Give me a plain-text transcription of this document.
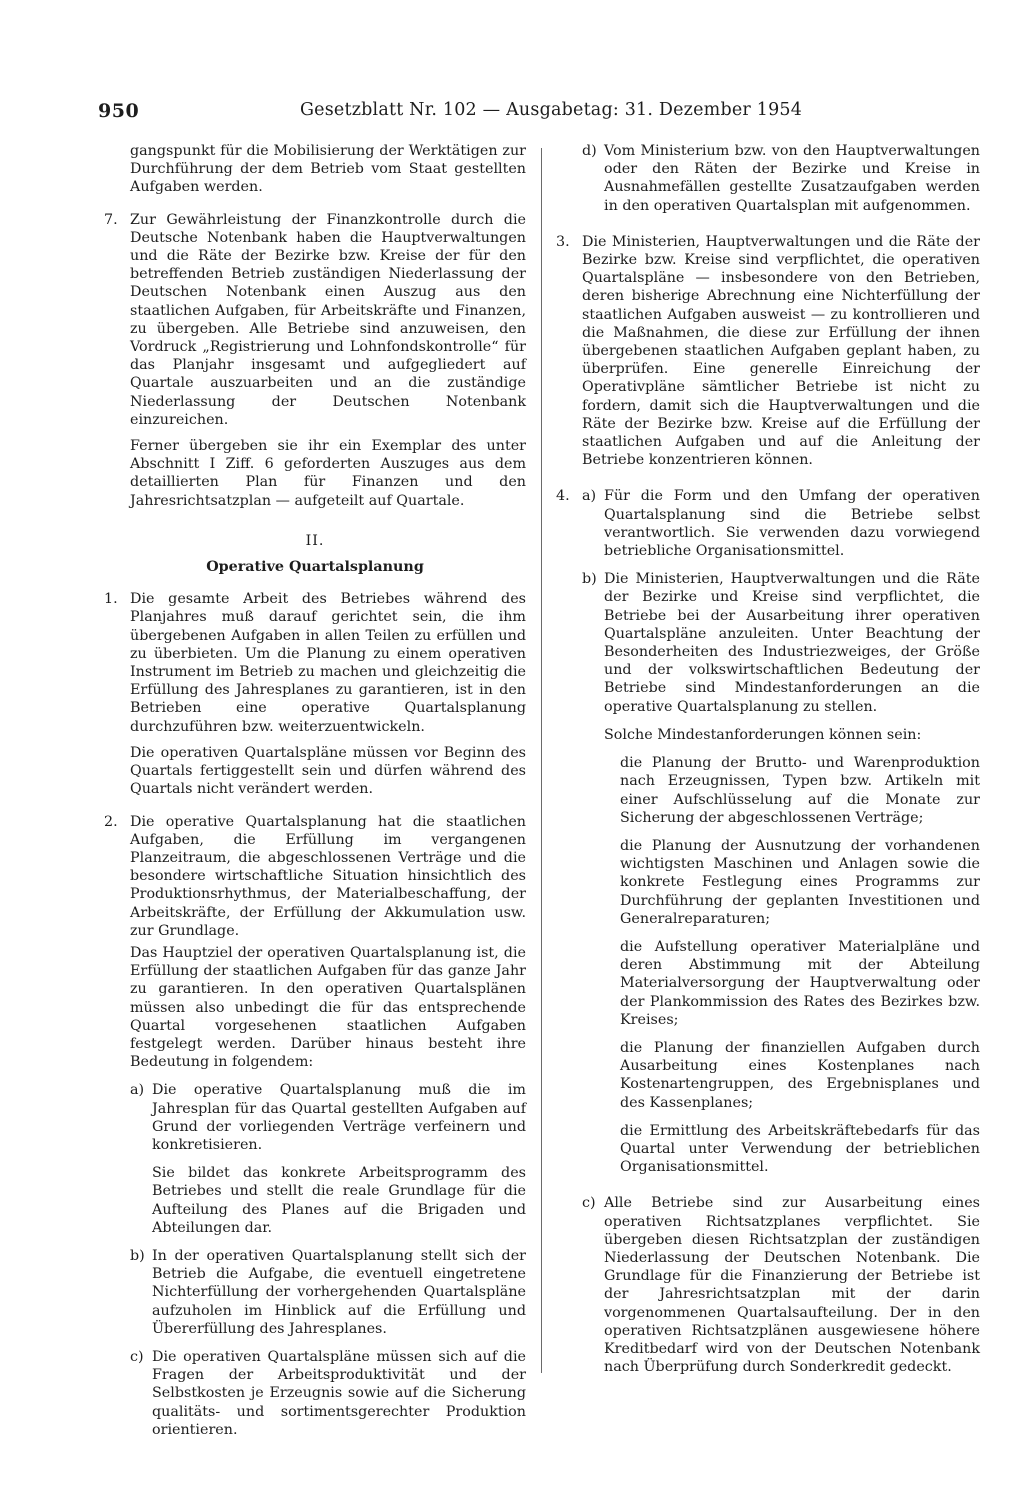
950	Gesetzblatt Nr. 102 — Ausgabetag: 31. Dezember 1954

gangspunkt für die Mobilisierung der Werktätigen zur Durchführung der dem Betrieb vom Staat gestellten Aufgaben werden.

7. Zur Gewährleistung der Finanzkontrolle durch die Deutsche Notenbank haben die Hauptverwaltungen und die Räte der Bezirke bzw. Kreise der für den betreffenden Betrieb zuständigen Niederlassung der Deutschen Notenbank einen Auszug aus den staatlichen Aufgaben, für Arbeitskräfte und Finanzen, zu übergeben. Alle Betriebe sind anzuweisen, den Vordruck „Registrierung und Lohnfondskontrolle“ für das Planjahr insgesamt und aufgegliedert auf Quartale auszuarbeiten und an die zuständige Niederlassung der Deutschen Notenbank einzureichen.

Ferner übergeben sie ihr ein Exemplar des unter Abschnitt I Ziff. 6 geforderten Auszuges aus dem detaillierten Plan für Finanzen und den Jahresrichtsatzplan — aufgeteilt auf Quartale.

II.
Operative Quartalsplanung
1. Die gesamte Arbeit des Betriebes während des Planjahres muß darauf gerichtet sein, die ihm übergebenen Aufgaben in allen Teilen zu erfüllen und zu überbieten. Um die Planung zu einem operativen Instrument im Betrieb zu machen und gleichzeitig die Erfüllung des Jahresplanes zu garantieren, ist in den Betrieben eine operative Quartalsplanung durchzuführen bzw. weiterzuentwickeln.

Die operativen Quartalspläne müssen vor Beginn des Quartals fertiggestellt sein und dürfen während des Quartals nicht verändert werden.

2. Die operative Quartalsplanung hat die staatlichen Aufgaben, die Erfüllung im vergangenen Planzeitraum, die abgeschlossenen Verträge und die besondere wirtschaftliche Situation hinsichtlich des Produktionsrhythmus, der Materialbeschaffung, der Arbeitskräfte, der Erfüllung der Akkumulation usw. zur Grundlage.

Das Hauptziel der operativen Quartalsplanung ist, die Erfüllung der staatlichen Aufgaben für das ganze Jahr zu garantieren. In den operativen Quartalsplänen müssen also unbedingt die für das entsprechende Quartal vorgesehenen staatlichen Aufgaben festgelegt werden. Darüber hinaus besteht ihre Bedeutung in folgendem:

a) Die operative Quartalsplanung muß die im Jahresplan für das Quartal gestellten Aufgaben auf Grund der vorliegenden Verträge verfeinern und konkretisieren.

Sie bildet das konkrete Arbeitsprogramm des Betriebes und stellt die reale Grundlage für die Aufteilung des Planes auf die Brigaden und Abteilungen dar.

b) In der operativen Quartalsplanung stellt sich der Betrieb die Aufgabe, die eventuell eingetretene Nichterfüllung der vorhergehenden Quartalspläne aufzuholen im Hinblick auf die Erfüllung und Übererfüllung des Jahresplanes.

c) Die operativen Quartalspläne müssen sich auf die Fragen der Arbeitsproduktivität und der Selbstkosten je Erzeugnis sowie auf die Sicherung qualitäts- und sortimentsgerechter Produktion orientieren.

d) Vom Ministerium bzw. von den Hauptverwaltungen oder den Räten der Bezirke und Kreise in Ausnahmefällen gestellte Zusatzaufgaben werden in den operativen Quartalsplan mit aufgenommen.

3. Die Ministerien, Hauptverwaltungen und die Räte der Bezirke bzw. Kreise sind verpflichtet, die operativen Quartalspläne — insbesondere von den Betrieben, deren bisherige Abrechnung eine Nichterfüllung der staatlichen Aufgaben ausweist — zu kontrollieren und die Maßnahmen, die diese zur Erfüllung der ihnen übergebenen staatlichen Aufgaben geplant haben, zu überprüfen. Eine generelle Einreichung der Operativpläne sämtlicher Betriebe ist nicht zu fordern, damit sich die Hauptverwaltungen und die Räte der Bezirke bzw. Kreise auf die Erfüllung der staatlichen Aufgaben und auf die Anleitung der Betriebe konzentrieren können.

4. a) Für die Form und den Umfang der operativen Quartalsplanung sind die Betriebe selbst verantwortlich. Sie verwenden dazu vorwiegend betriebliche Organisationsmittel.

b) Die Ministerien, Hauptverwaltungen und die Räte der Bezirke und Kreise sind verpflichtet, die Betriebe bei der Ausarbeitung ihrer operativen Quartalspläne anzuleiten. Unter Beachtung der Besonderheiten des Industriezweiges, der Größe und der volkswirtschaftlichen Bedeutung der Betriebe sind Mindestanforderungen an die operative Quartalsplanung zu stellen.

Solche Mindestanforderungen können sein:

die Planung der Brutto- und Warenproduktion nach Erzeugnissen, Typen bzw. Artikeln mit einer Aufschlüsselung auf die Monate zur Sicherung der abgeschlossenen Verträge;

die Planung der Ausnutzung der vorhandenen wichtigsten Maschinen und Anlagen sowie die konkrete Festlegung eines Programms zur Durchführung der geplanten Investitionen und Generalreparaturen;

die Aufstellung operativer Materialpläne und deren Abstimmung mit der Abteilung Materialversorgung der Hauptverwaltung oder der Plankommission des Rates des Bezirkes bzw. Kreises;

die Planung der finanziellen Aufgaben durch Ausarbeitung eines Kostenplanes nach Kostenartengruppen, des Ergebnisplanes und des Kassenplanes;

die Ermittlung des Arbeitskräftebedarfs für das Quartal unter Verwendung der betrieblichen Organisationsmittel.

c) Alle Betriebe sind zur Ausarbeitung eines operativen Richtsatzplanes verpflichtet. Sie übergeben diesen Richtsatzplan der zuständigen Niederlassung der Deutschen Notenbank. Die Grundlage für die Finanzierung der Betriebe ist der Jahresrichtsatzplan mit der darin vorgenommenen Quartalsaufteilung. Der in den operativen Richtsatzplänen ausgewiesene höhere Kreditbedarf wird von der Deutschen Notenbank nach Überprüfung durch Sonderkredit gedeckt.
